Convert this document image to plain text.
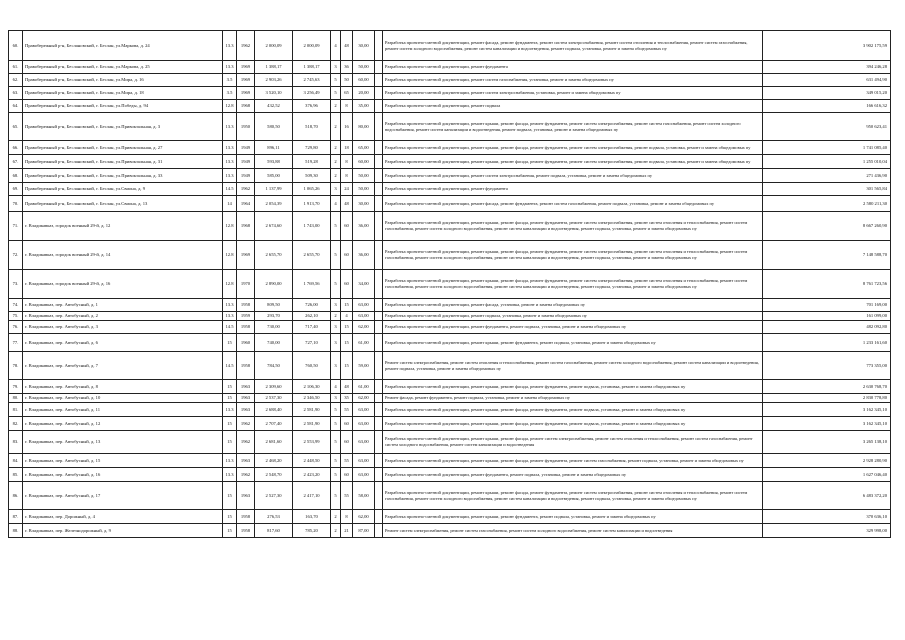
60.	Правобережный р-н, Беслановский, г. Беслан, ул.Маркова, д. 24	13.3	1962	2 000,09	2 000,09	4	48	30,00		Разработка проектно-сметной документации, ремонт фасада, ремонт фундамента, ремонт систем электроснабжения, ремонт систем отопления и теплоснабжения, ремонт систем газоснабжения, ремонт систем холодного водоснабжения, ремонт систем канализации и водоотведения, ремонт подвала, установка, ремонт и замена общедомовых пу	3 902 175,59
61.	Правобережный р-н, Беслановский, г. Беслан, ул.Маркова, д. 25	13.3	1969	1 388,17	1 388,17	3	36	50,00		Разработка проектно-сметной документации, ремонт фундамента	394 246,28
62.	Правобережный р-н, Беслановский, г. Беслан, ул.Мира, д. 16	3.5	1969	2 903,26	2 745,63	5	50	60,00		Разработка проектно-сметной документации, ремонт систем газоснабжения, установка, ремонт и замена общедомовых пу	631 494,90
63.	Правобережный р-н, Беслановский, г. Беслан, ул.Мира, д. 18	3.5	1969	3 520,10	3 256,49	5	65	20,00		Разработка проектно-сметной документации, ремонт систем электроснабжения, установка, ремонт и замена общедомовых пу	349 015,20
64.	Правобережный р-н, Беслановский, г. Беслан, ул.Победы, д. 94	12.8	1968	432,52	376,96	2	8	35,00		Разработка проектно-сметной документации, ремонт подвала	166 616,32
65.	Правобережный р-н, Беслановский, г. Беслан, ул.Привокзальная, д. 3	13.3	1950	580,50	518,70	2	16	80,00		Разработка проектно-сметной документации, ремонт крыши, ремонт фасада, ремонт фундамента, ремонт систем электроснабжения, ремонт систем газоснабжения, ремонт систем холодного водоснабжения, ремонт систем канализации и водоотведения, ремонт подвала, установка, ремонт и замена общедомовых пу	950 623,41
66.	Правобережный р-н, Беслановский, г. Беслан, ул.Привокзальная, д. 27	13.3	1949	896,11	729,80	2	18	65,00		Разработка проектно-сметной документации, ремонт крыши, ремонт фасада, ремонт фундамента, ремонт систем электроснабжения, ремонт подвала, установка, ремонт и замена общедомовых пу	1 741 085,40
67.	Правобережный р-н, Беслановский, г. Беслан, ул.Привокзальная, д. 31	13.3	1949	593,88	519,28	2	8	60,00		Разработка проектно-сметной документации, ремонт крыши, ремонт фасада, ремонт фундамента, ремонт систем электроснабжения, ремонт подвала, установка, ремонт и замена общедомовых пу	1 255 010,04
68.	Правобережный р-н, Беслановский, г. Беслан, ул.Привокзальная, д. 33	13.3	1949	585,00	509,30	2	8	50,00		Разработка проектно-сметной документации, ремонт систем электроснабжения, ремонт подвала, установка, ремонт и замена общедомовых пу	271 436,90
69.	Правобережный р-н, Беслановский, г. Беслан, ул.Свиона, д. 9	14.5	1962	1 137,99	1 065,26	3	24	50,00		Разработка проектно-сметной документации, ремонт фундамента	301 565,84
70.	Правобережный р-н, Беслановский, г. Беслан, ул.Свиона, д. 13	14	1964	2 054,39	1 913,70	4	48	30,00		Разработка проектно-сметной документации, ремонт фасада, ремонт фундамента, ремонт систем газоснабжения, ремонт подвала, установка, ремонт и замена общедомовых пу	2 580 211,30
71.	г. Владикавказ, городок военный 29-й, д. 12	12.8	1968	2 674,60	1 743,00	5	60	36,00		Разработка проектно-сметной документации, ремонт крыши, ремонт фасада, ремонт фундамента, ремонт систем электроснабжения, ремонт систем отопления и теплоснабжения, ремонт систем газоснабжения, ремонт систем холодного водоснабжения, ремонт систем канализации и водоотведения, ремонт подвала, установка, ремонт и замена общедомовых пу	8 667 260,90
72.	г. Владикавказ, городок военный 29-й, д. 14	12.8	1969	2 655,70	2 655,70	5	60	36,00		Разработка проектно-сметной документации, ремонт крыши, ремонт фасада, ремонт фундамента, ремонт систем электроснабжения, ремонт систем отопления и теплоснабжения, ремонт систем газоснабжения, ремонт систем холодного водоснабжения, ремонт систем канализации и водоотведения, ремонт подвала, установка, ремонт и замена общедомовых пу	7 148 588,70
73.	г. Владикавказ, городок военный 29-й, д. 16	12.8	1970	2 890,00	1 769,56	5	60	34,00		Разработка проектно-сметной документации, ремонт крыши, ремонт фасада, ремонт фундамента, ремонт систем электроснабжения, ремонт систем отопления и теплоснабжения, ремонт систем газоснабжения, ремонт систем холодного водоснабжения, ремонт систем канализации и водоотведения, ремонт подвала, установка, ремонт и замена общедомовых пу	8 761 723,56
74.	г. Владикавказ, пер. Автобусный, д. 1	13.3	1958	809,50	726,00	3	15	63,00		Разработка проектно-сметной документации, ремонт фасада, установка, ремонт и замена общедомовых пу	701 169,00
75.	г. Владикавказ, пер. Автобусный, д. 2	13.3	1959	293,70	262,10	2	4	63,00		Разработка проектно-сметной документации, ремонт подвала, установка, ремонт и замена общедомовых пу	161 099,00
76.	г. Владикавказ, пер. Автобусный, д. 3	14.5	1958	730,00	717,40	3	15	62,00		Разработка проектно-сметной документации, ремонт фундамента, ремонт подвала, установка, ремонт и замена общедомовых пу	482 092,80
77.	г. Владикавказ, пер. Автобусный, д. 6	15	1960	740,00	727,10	3	15	61,00		Разработка проектно-сметной документации, ремонт крыши, ремонт фундамента, ремонт подвала, установка, ремонт и замена общедомовых пу	1 233 161,60
78.	г. Владикавказ, пер. Автобусный, д. 7	14.5	1958	784,50	760,50	3	15	59,00		Ремонт систем электроснабжения, ремонт систем отопления и теплоснабжения, ремонт систем газоснабжения, ремонт систем холодного водоснабжения, ремонт систем канализации и водоотведения, ремонт подвала, установка, ремонт и замена общедомовых пу	773 355,00
79.	г. Владикавказ, пер. Автобусный, д. 8	15	1963	2 309,60	2 106,30	4	48	61,00		Разработка проектно-сметной документации, ремонт крыши, ремонт фасада, ремонт фундамента, ремонт подвала, установка, ремонт и замена общедомовых пу	2 630 768,70
80.	г. Владикавказ, пер. Автобусный, д. 10	15	1963	2 537,30	2 346,50	3	35	62,00		Ремонт фасада, ремонт фундамента, ремонт подвала, установка, ремонт и замена общедомовых пу	2 830 778,80
81.	г. Владикавказ, пер. Автобусный, д. 11	13.3	1963	2 688,40	2 581,90	5	55	63,00		Разработка проектно-сметной документации, ремонт крыши, ремонт фасада, ремонт фундамента, ремонт подвала, установка, ремонт и замена общедомовых пу	3 162 345,10
82.	г. Владикавказ, пер. Автобусный, д. 12	15	1962	2 707,40	2 581,90	5	60	63,00		Разработка проектно-сметной документации, ремонт крыши, ремонт фасада, ремонт фундамента, ремонт подвала, установка, ремонт и замена общедомовых пу	3 162 345,10
83.	г. Владикавказ, пер. Автобусный, д. 13	15	1962	2 681,60	2 553,99	5	60	63,00		Разработка проектно-сметной документации, ремонт крыши, ремонт фасада, ремонт систем электроснабжения, ремонт систем отопления и теплоснабжения, ремонт систем газоснабжения, ремонт систем холодного водоснабжения, ремонт систем канализации и водоотведения	3 265 138,10
84.	г. Владикавказ, пер. Автобусный, д. 15	13.3	1963	2 468,20	2 448,50	5	55	63,00		Разработка проектно-сметной документации, ремонт крыши, ремонт фасада, ремонт фундамента, ремонт систем газоснабжения, ремонт подвала, установка, ремонт и замена общедомовых пу	2 928 280,90
85.	г. Владикавказ, пер. Автобусный, д. 16	13.3	1962	2 548,70	2 423,20	5	60	63,00		Разработка проектно-сметной документации, ремонт фундамента, ремонт подвала, установка, ремонт и замена общедомовых пу	1 627 046,40
86.	г. Владикавказ, пер. Автобусный, д. 17	15	1963	2 527,30	2 417,10	5	55	58,00		Разработка проектно-сметной документации, ремонт крыши, ремонт фасада, ремонт фундамента, ремонт систем электроснабжения, ремонт систем отопления и теплоснабжения, ремонт систем газоснабжения, ремонт систем холодного водоснабжения, ремонт систем канализации и водоотведения, ремонт подвала, установка, ремонт и замена общедомовых пу	6 483 372,20
87.	г. Владикавказ, пер. Дорожный, д. 4	15	1958	276,53	163,70	2	8	62,00		Разработка проектно-сметной документации, ремонт крыши, ремонт фундамента, ремонт подвала, установка, ремонт и замена общедомовых пу	370 636,10
88.	г. Владикавказ, пер. Железнодорожный, д. 9	15	1958	817,60	785,20	2	21	87,00		Ремонт систем электроснабжения, ремонт систем газоснабжения, ремонт систем холодного водоснабжения, ремонт систем канализации и водоотведения	329 998,00
